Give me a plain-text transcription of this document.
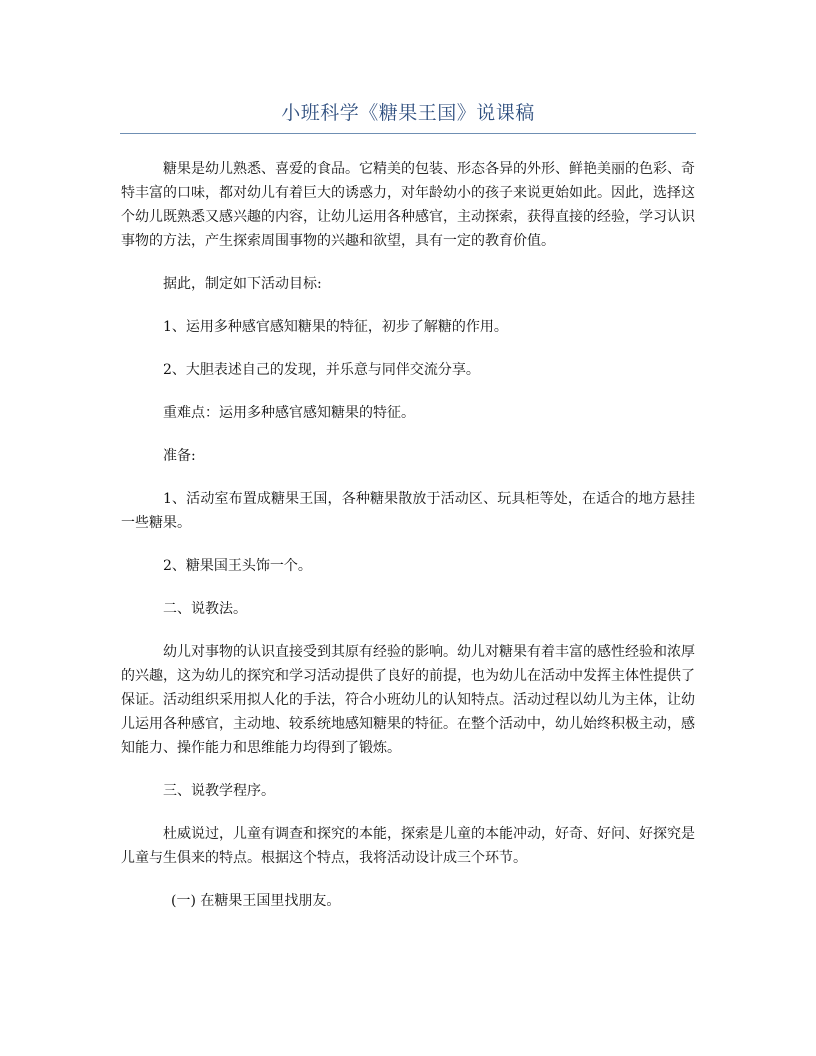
小班科学《糖果王国》说课稿

糖果是幼儿熟悉、喜爱的食品。它精美的包装、形态各异的外形、鲜艳美丽的色彩、奇特丰富的口味，都对幼儿有着巨大的诱惑力，对年龄幼小的孩子来说更始如此。因此，选择这个幼儿既熟悉又感兴趣的内容，让幼儿运用各种感官，主动探索，获得直接的经验，学习认识事物的方法，产生探索周围事物的兴趣和欲望，具有一定的教育价值。

据此，制定如下活动目标:

1、运用多种感官感知糖果的特征，初步了解糖的作用。

2、大胆表述自己的发现，并乐意与同伴交流分享。

重难点：运用多种感官感知糖果的特征。

准备:

1、活动室布置成糖果王国，各种糖果散放于活动区、玩具柜等处，在适合的地方悬挂一些糖果。

2、糖果国王头饰一个。

二、说教法。

幼儿对事物的认识直接受到其原有经验的影响。幼儿对糖果有着丰富的感性经验和浓厚的兴趣，这为幼儿的探究和学习活动提供了良好的前提，也为幼儿在活动中发挥主体性提供了保证。活动组织采用拟人化的手法，符合小班幼儿的认知特点。活动过程以幼儿为主体，让幼儿运用各种感官，主动地、较系统地感知糖果的特征。在整个活动中，幼儿始终积极主动，感知能力、操作能力和思维能力均得到了锻炼。

三、说教学程序。

杜威说过，儿童有调查和探究的本能，探索是儿童的本能冲动，好奇、好问、好探究是儿童与生俱来的特点。根据这个特点，我将活动设计成三个环节。

(一) 在糖果王国里找朋友。
